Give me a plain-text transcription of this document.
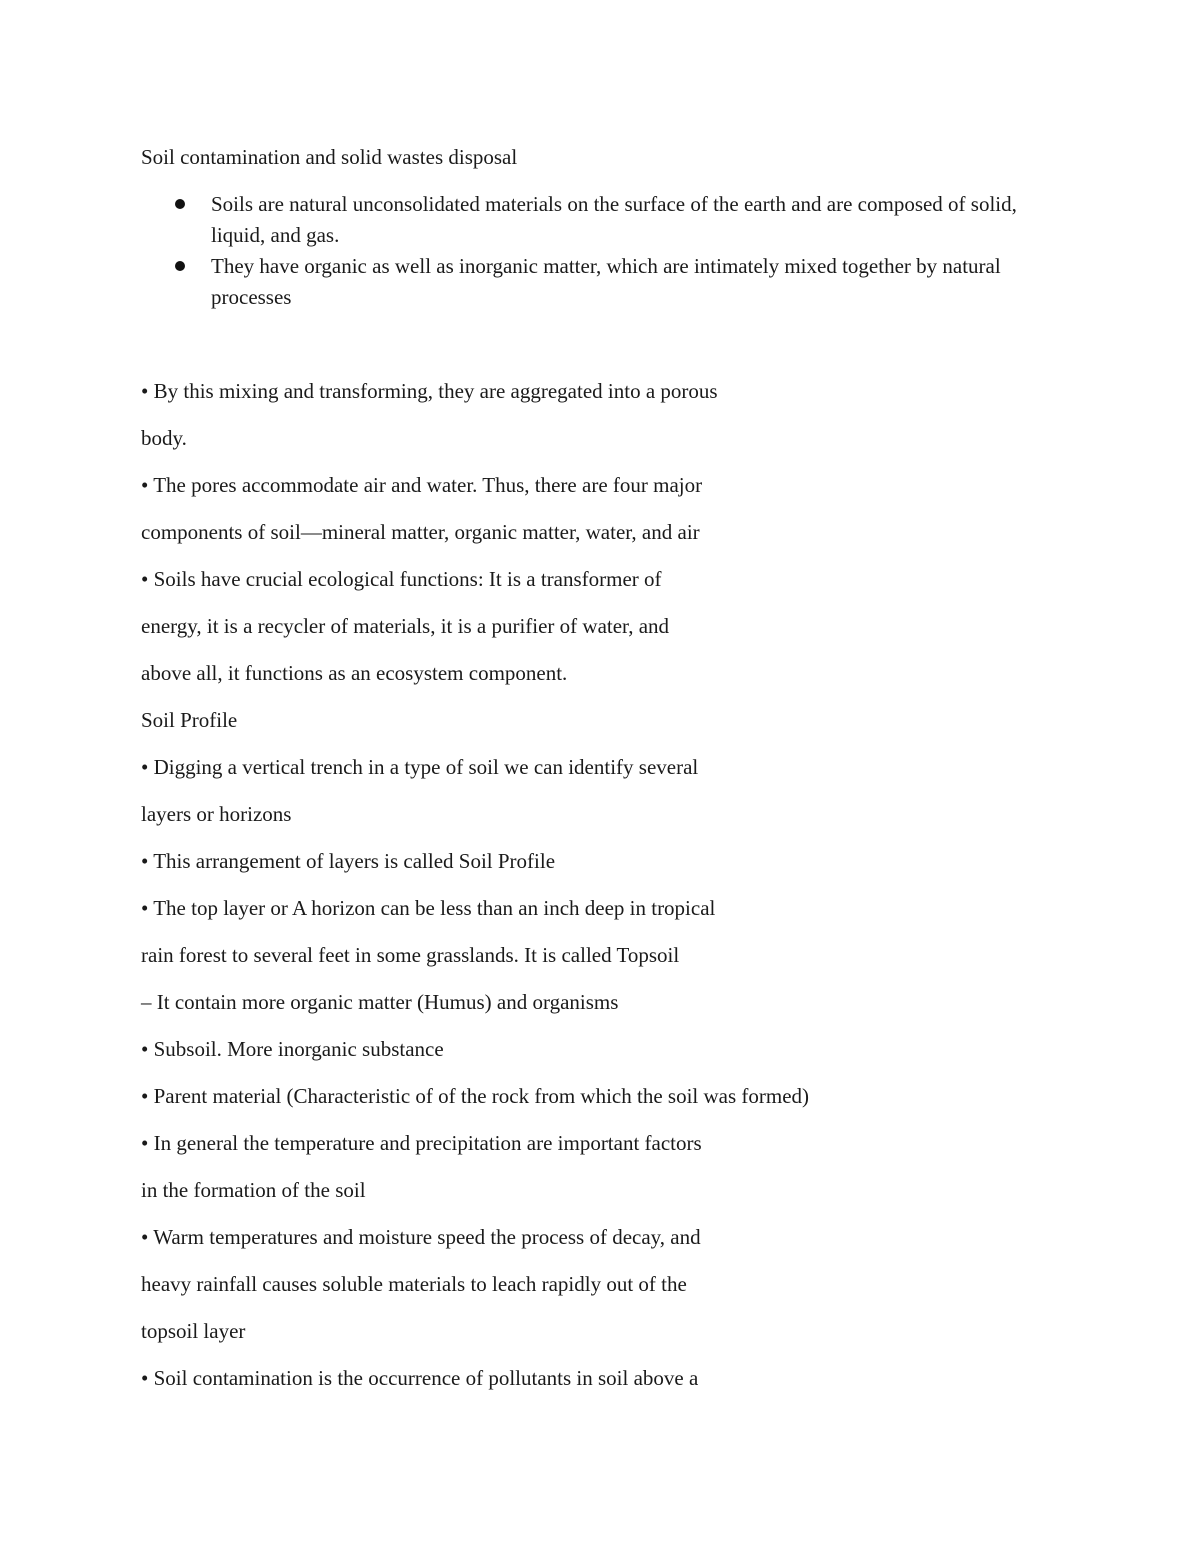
Soil contamination and solid wastes disposal
Soils are natural unconsolidated materials on the surface of the earth and are composed of solid, liquid, and gas.
They have organic as well as inorganic matter, which are intimately mixed together by natural processes
• By this mixing and transforming, they are aggregated into a porous
body.
• The pores accommodate air and water. Thus, there are four major
components of soil—mineral matter, organic matter, water, and air
• Soils have crucial ecological functions: It is a transformer of
energy, it is a recycler of materials, it is a purifier of water, and
above all, it functions as an ecosystem component.
Soil Profile
• Digging a vertical trench in a type of soil we can identify several
layers or horizons
• This arrangement of layers is called Soil Profile
• The top layer or A horizon can be less than an inch deep in tropical
rain forest to several feet in some grasslands. It is called Topsoil
– It contain more organic matter (Humus) and organisms
• Subsoil. More inorganic substance
• Parent material (Characteristic of of the rock from which the soil was formed)
• In general the temperature and precipitation are important factors
in the formation of the soil
• Warm temperatures and moisture speed the process of decay, and
heavy rainfall causes soluble materials to leach rapidly out of the
topsoil layer
• Soil contamination is the occurrence of pollutants in soil above a
